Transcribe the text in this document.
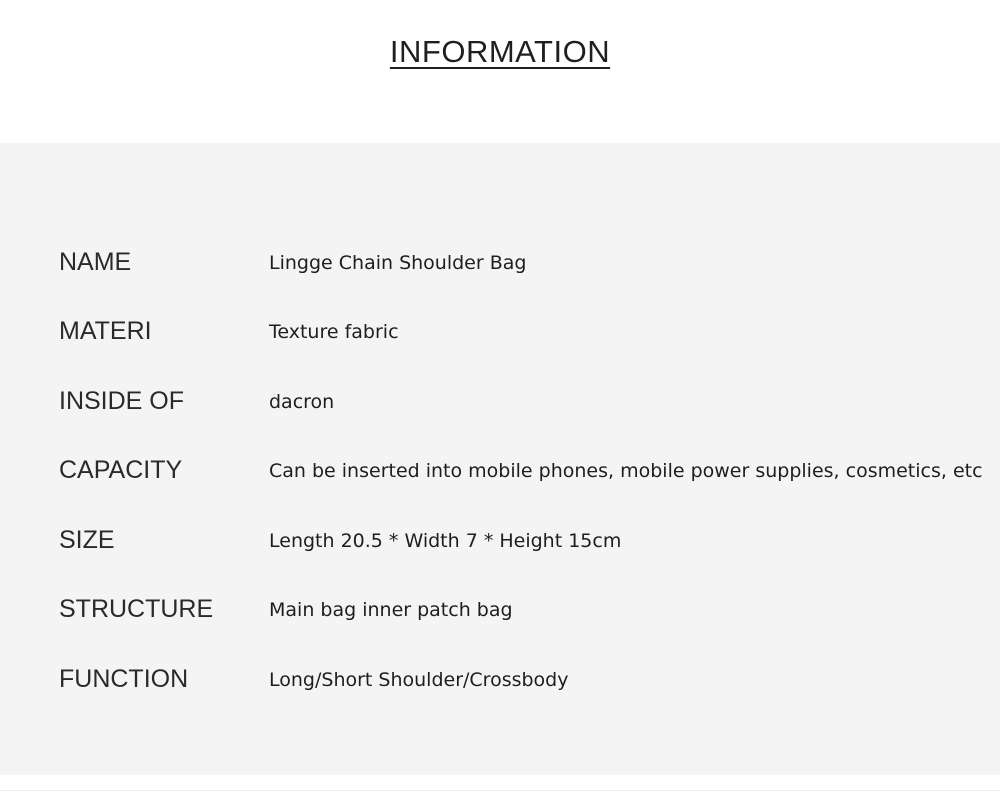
INFORMATION
NAME	Lingge Chain Shoulder Bag
MATERI	Texture fabric
INSIDE OF	dacron
CAPACITY	Can be inserted into mobile phones, mobile power supplies, cosmetics, etc
SIZE	Length 20.5 * Width 7 * Height 15cm
STRUCTURE	Main bag inner patch bag
FUNCTION	Long/Short Shoulder/Crossbody
